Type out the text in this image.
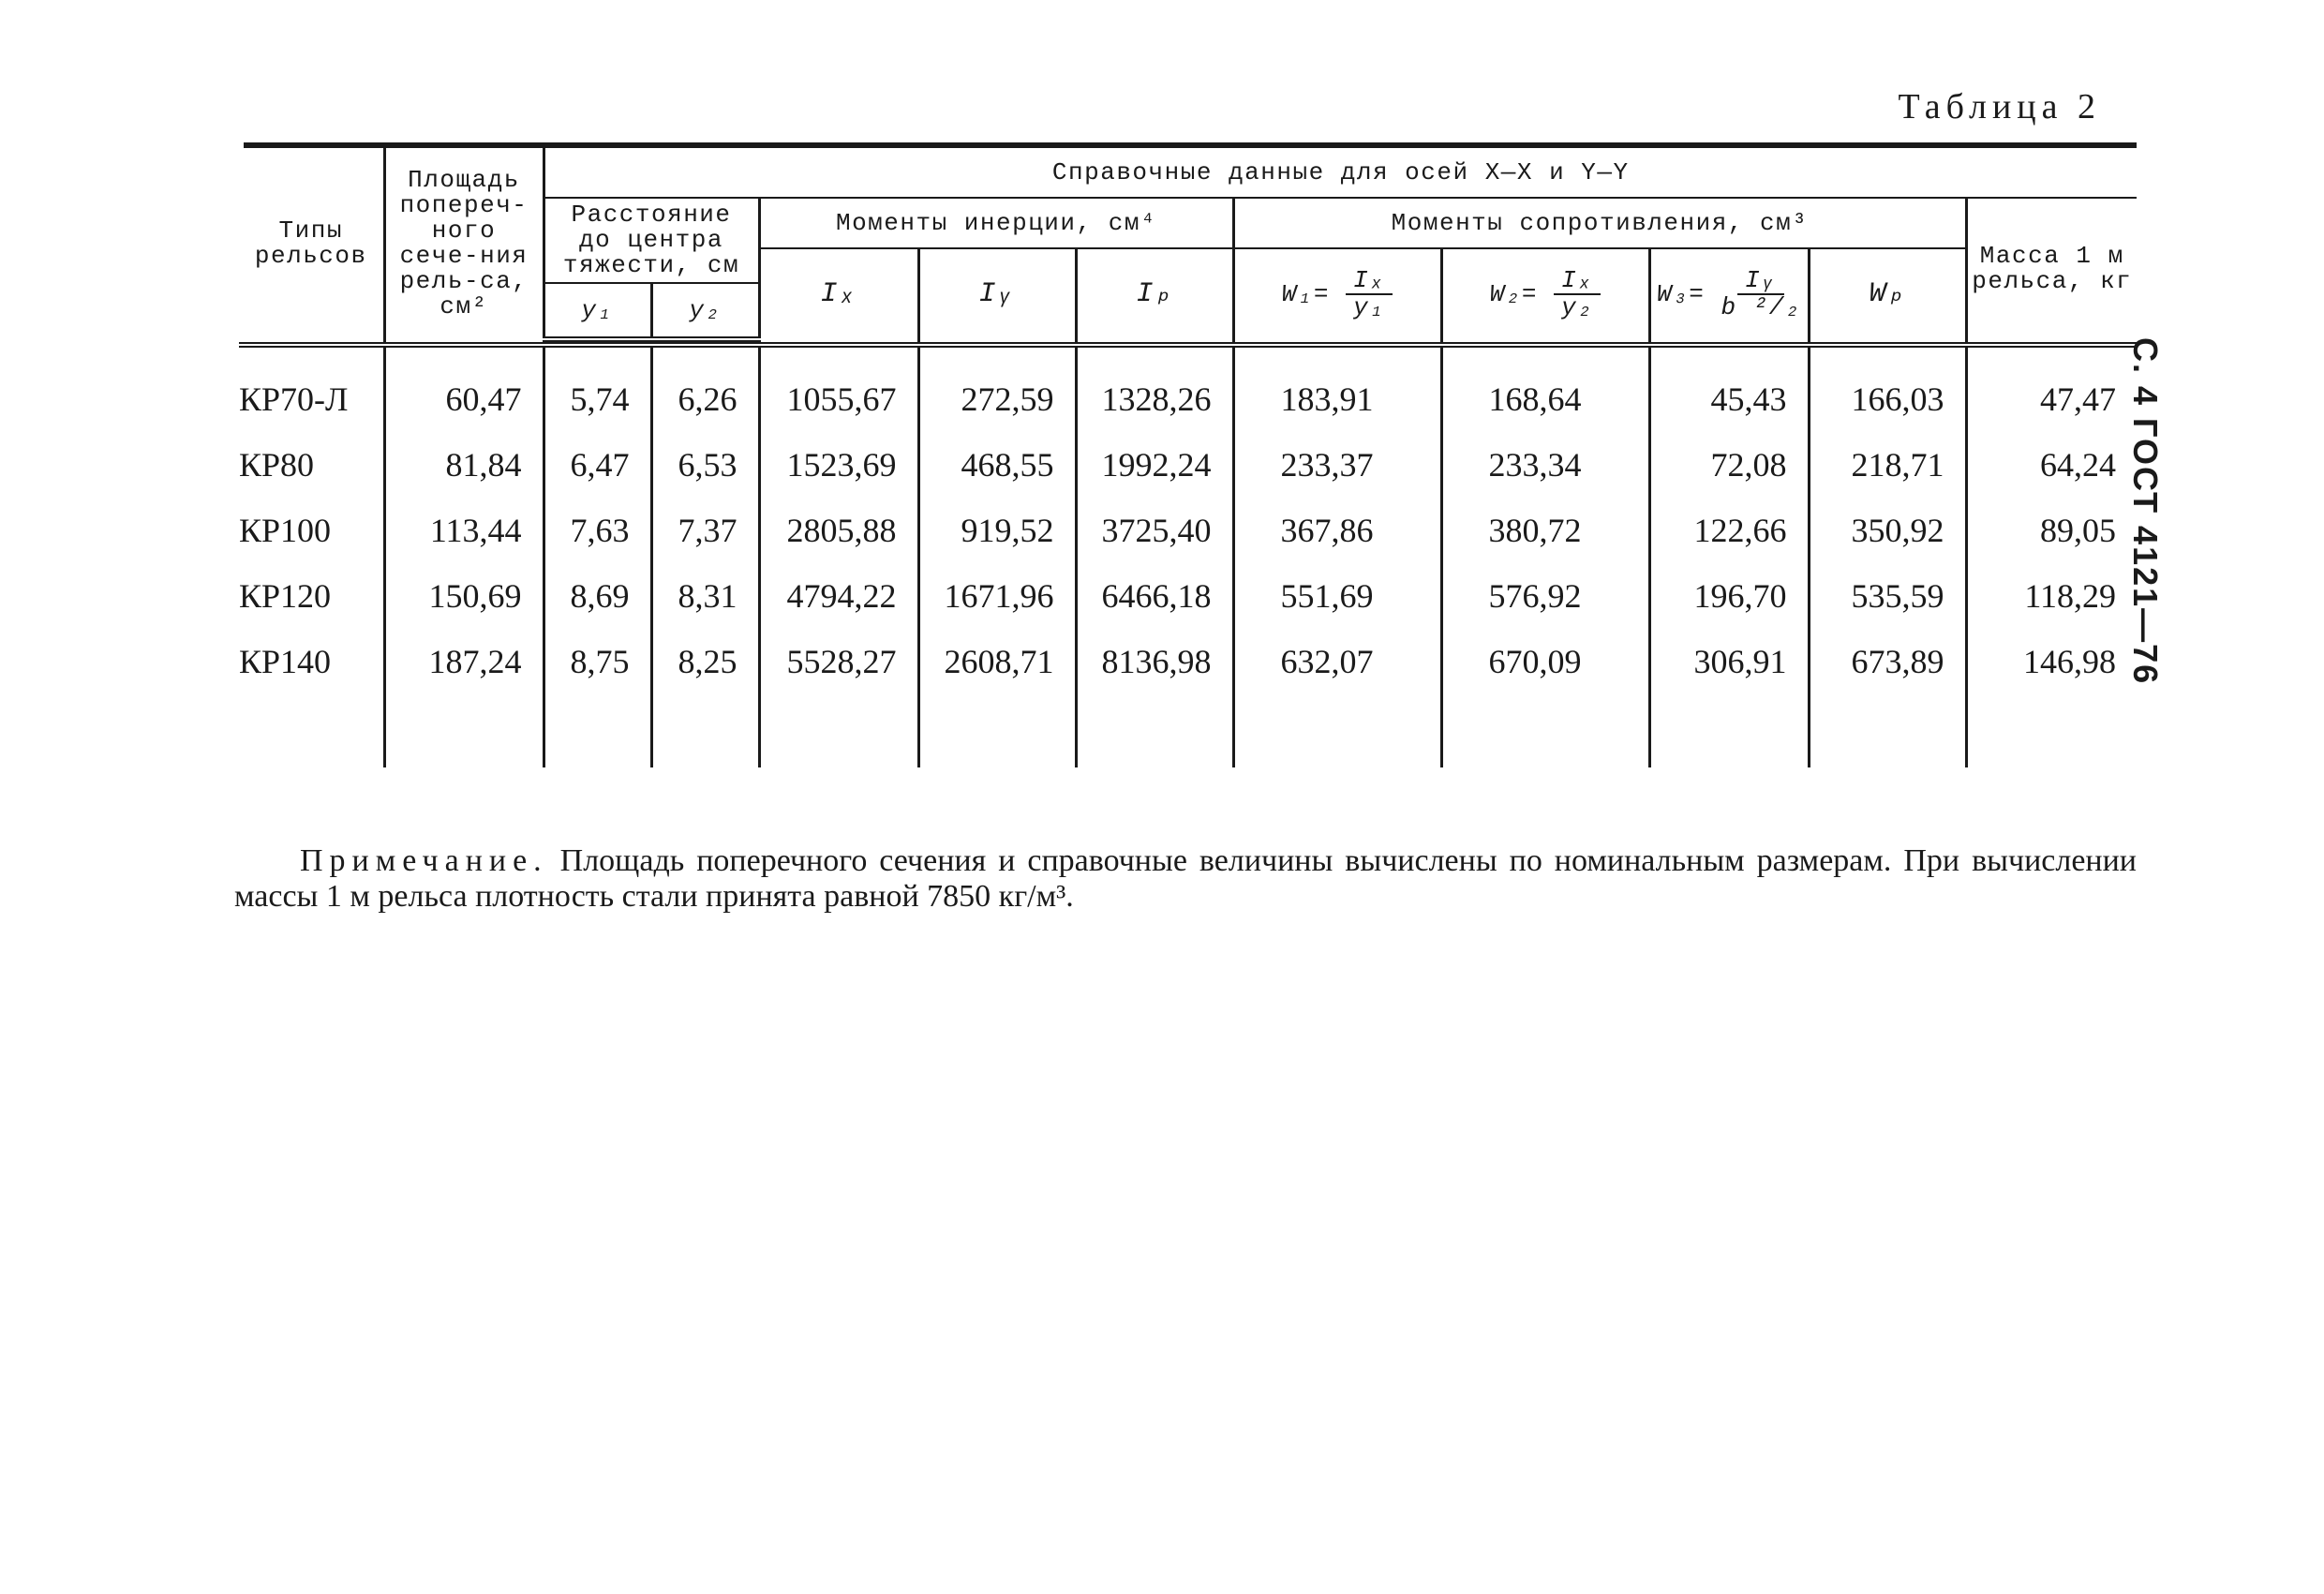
Таблица 2
С. 4 ГОСТ 4121—76
Типы рельсов	Площадь попереч-ного сече-ния рель-са, см²	Справочные данные для осей X—X и Y—Y									
		Расстояние до центра тяжести, см		Моменты инерции, см⁴			Моменты сопротивления, см³				Масса 1 м рельса, кг
				Iₓ	Iᵧ	Iₚ	$W_1= \frac{\text{Iₓ}}{\text{y₁}}$	$W_2= \frac{\text{Iₓ}}{\text{y₂}}$	$W_3= \frac{\text{Iᵧ}}{\text{b ²/₂}}$	Wₚ	
		y₁	y₂								

КР70-Л	60,47	5,74	6,26	1055,67	272,59	1328,26	183,91	168,64	45,43	166,03	47,47
КР80	81,84	6,47	6,53	1523,69	468,55	1992,24	233,37	233,34	72,08	218,71	64,24
КР100	113,44	7,63	7,37	2805,88	919,52	3725,40	367,86	380,72	122,66	350,92	89,05
КР120	150,69	8,69	8,31	4794,22	1671,96	6466,18	551,69	576,92	196,70	535,59	118,29
КР140	187,24	8,75	8,25	5528,27	2608,71	8136,98	632,07	670,09	306,91	673,89	146,98

Примечание. Площадь поперечного сечения и справочные величины вычислены по номинальным размерам. При вычислении массы 1 м рельса плотность стали принята равной 7850 кг/м³.
